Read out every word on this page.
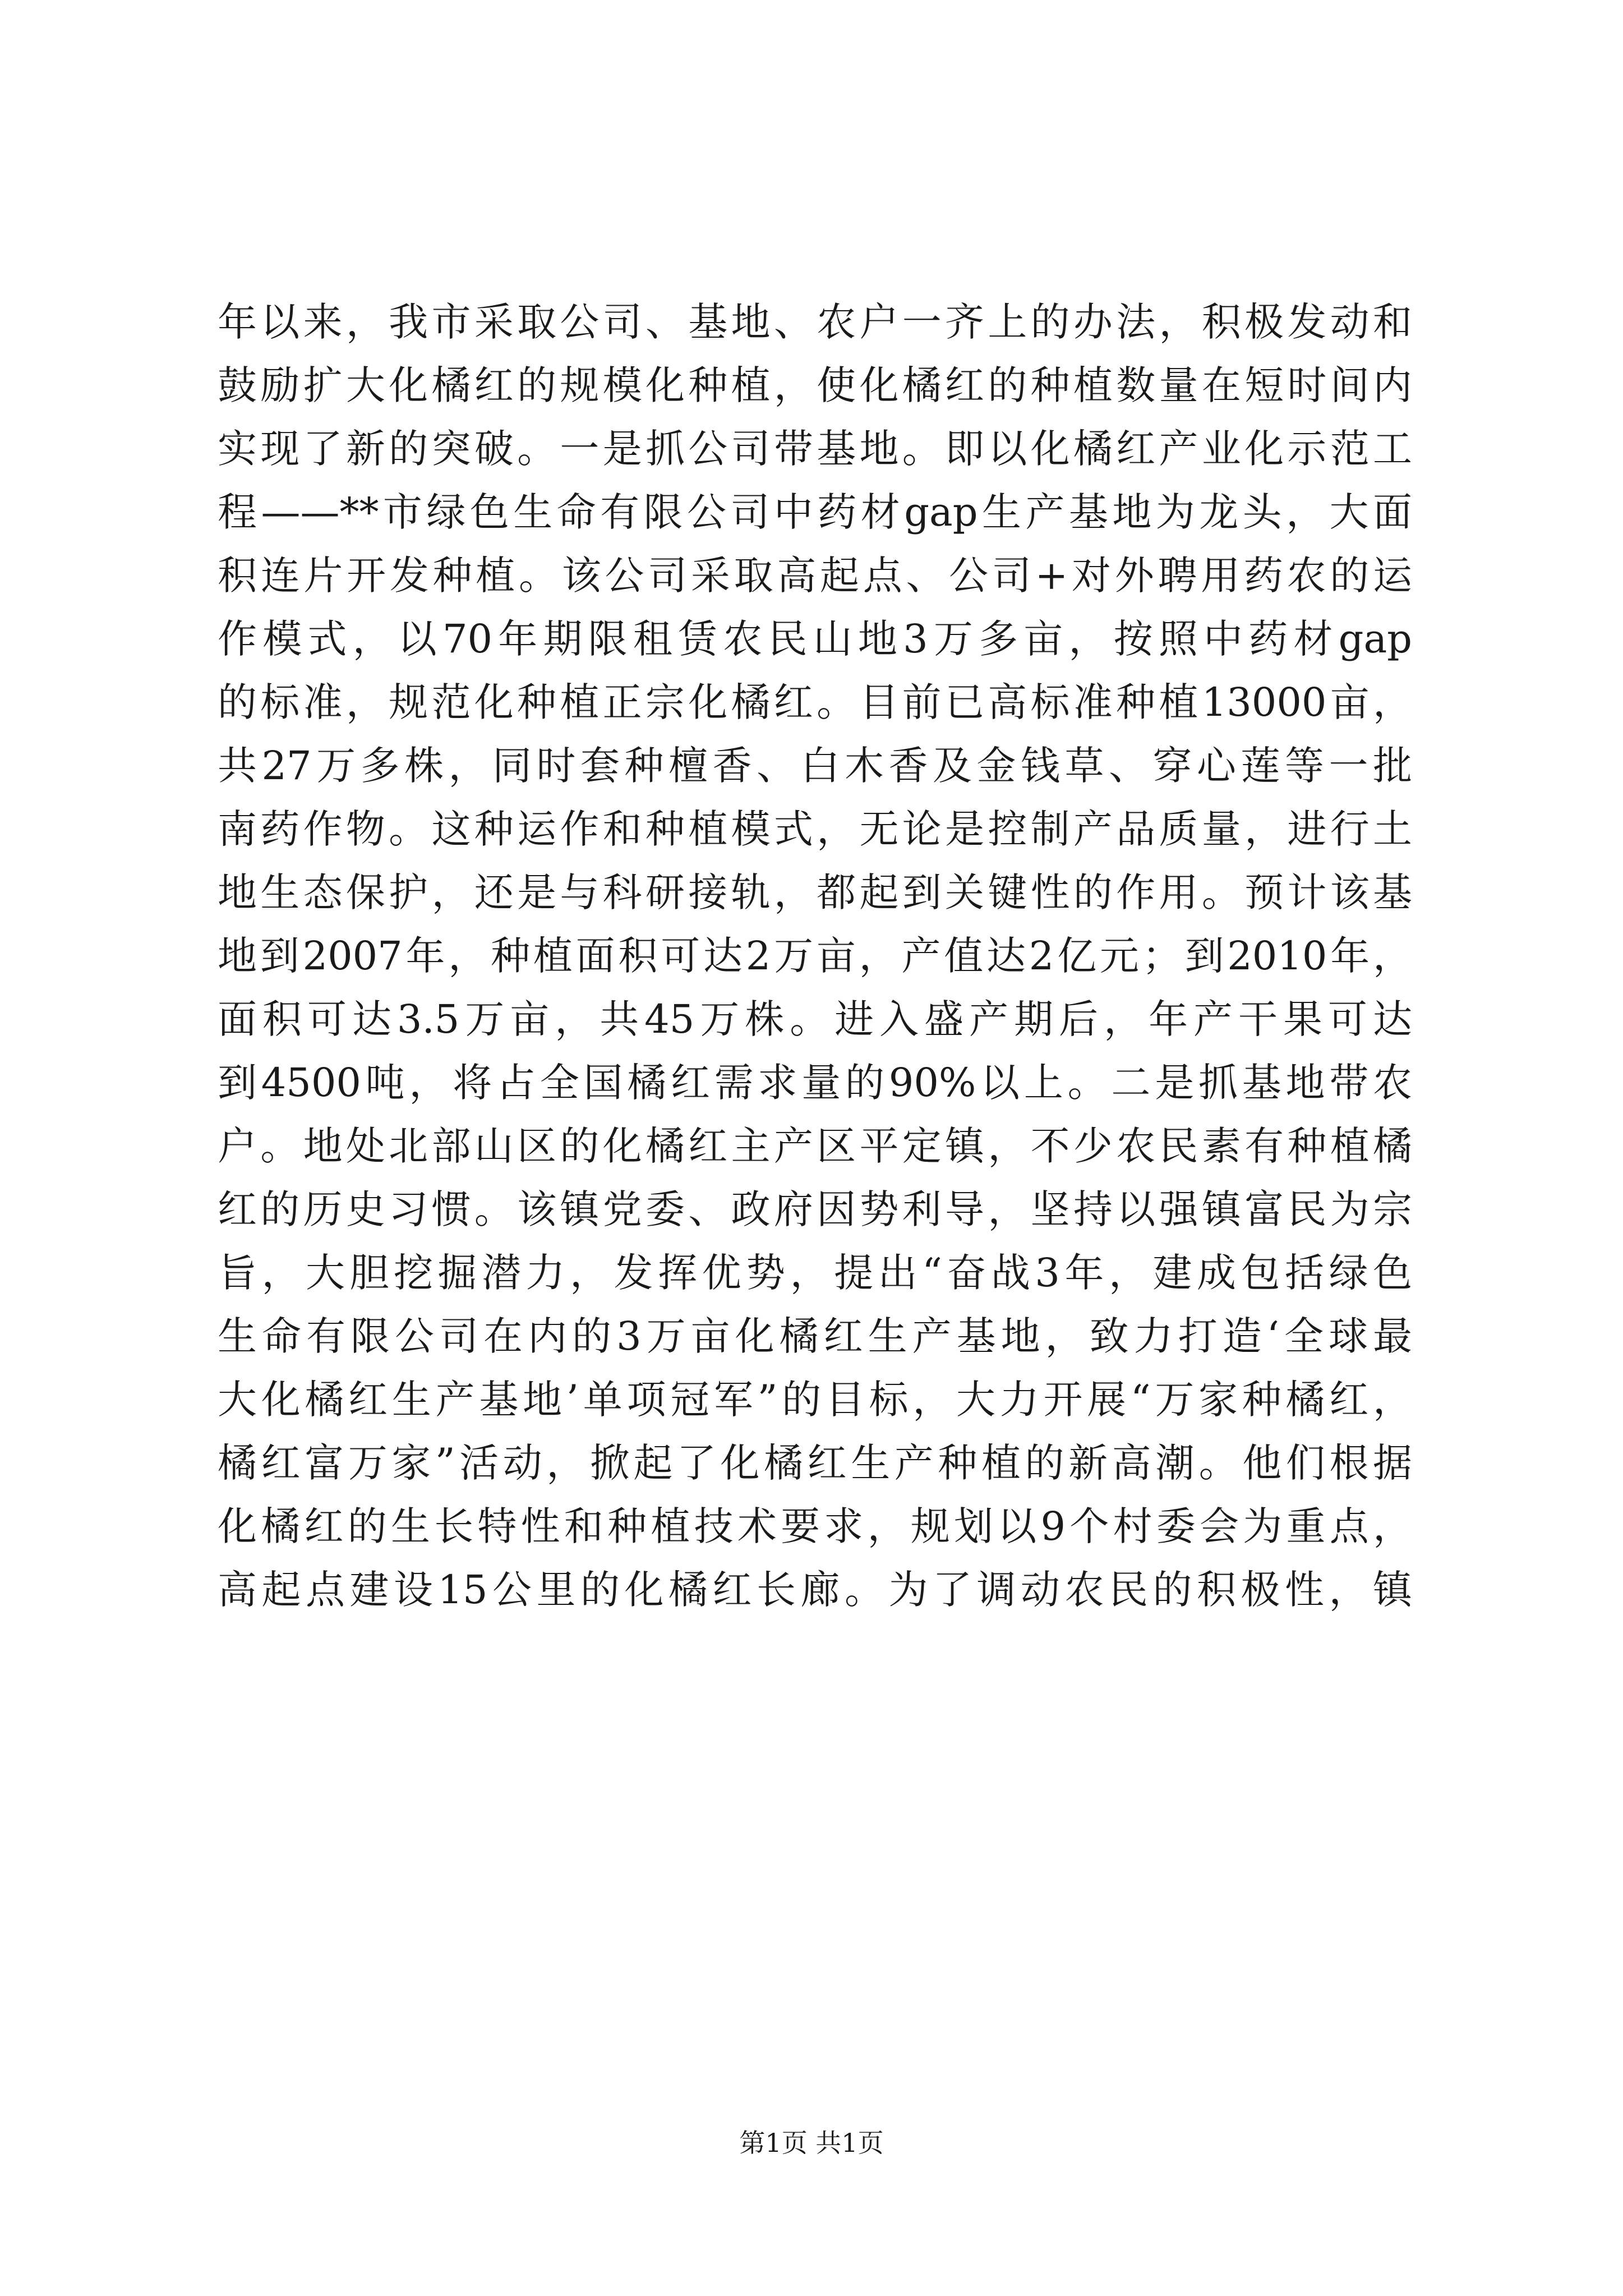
年以来，我市采取公司、基地、农户一齐上的办法，积极发动和
鼓励扩大化橘红的规模化种植，使化橘红的种植数量在短时间内
实现了新的突破。一是抓公司带基地。即以化橘红产业化示范工
程——**市绿色生命有限公司中药材gap生产基地为龙头，大面
积连片开发种植。该公司采取高起点、公司+对外聘用药农的运
作模式，以70年期限租赁农民山地3万多亩，按照中药材gap
的标准，规范化种植正宗化橘红。目前已高标准种植13000亩，
共27万多株，同时套种檀香、白木香及金钱草、穿心莲等一批
南药作物。这种运作和种植模式，无论是控制产品质量，进行土
地生态保护，还是与科研接轨，都起到关键性的作用。预计该基
地到2007年，种植面积可达2万亩，产值达2亿元；到2010年，
面积可达3.5万亩，共45万株。进入盛产期后，年产干果可达
到4500吨，将占全国橘红需求量的90%以上。二是抓基地带农
户。地处北部山区的化橘红主产区平定镇，不少农民素有种植橘
红的历史习惯。该镇党委、政府因势利导，坚持以强镇富民为宗
旨，大胆挖掘潜力，发挥优势，提出“奋战3年，建成包括绿色
生命有限公司在内的3万亩化橘红生产基地，致力打造‘全球最
大化橘红生产基地’单项冠军”的目标，大力开展“万家种橘红，
橘红富万家”活动，掀起了化橘红生产种植的新高潮。他们根据
化橘红的生长特性和种植技术要求，规划以9个村委会为重点，
高起点建设15公里的化橘红长廊。为了调动农民的积极性，镇
第1页 共1页
